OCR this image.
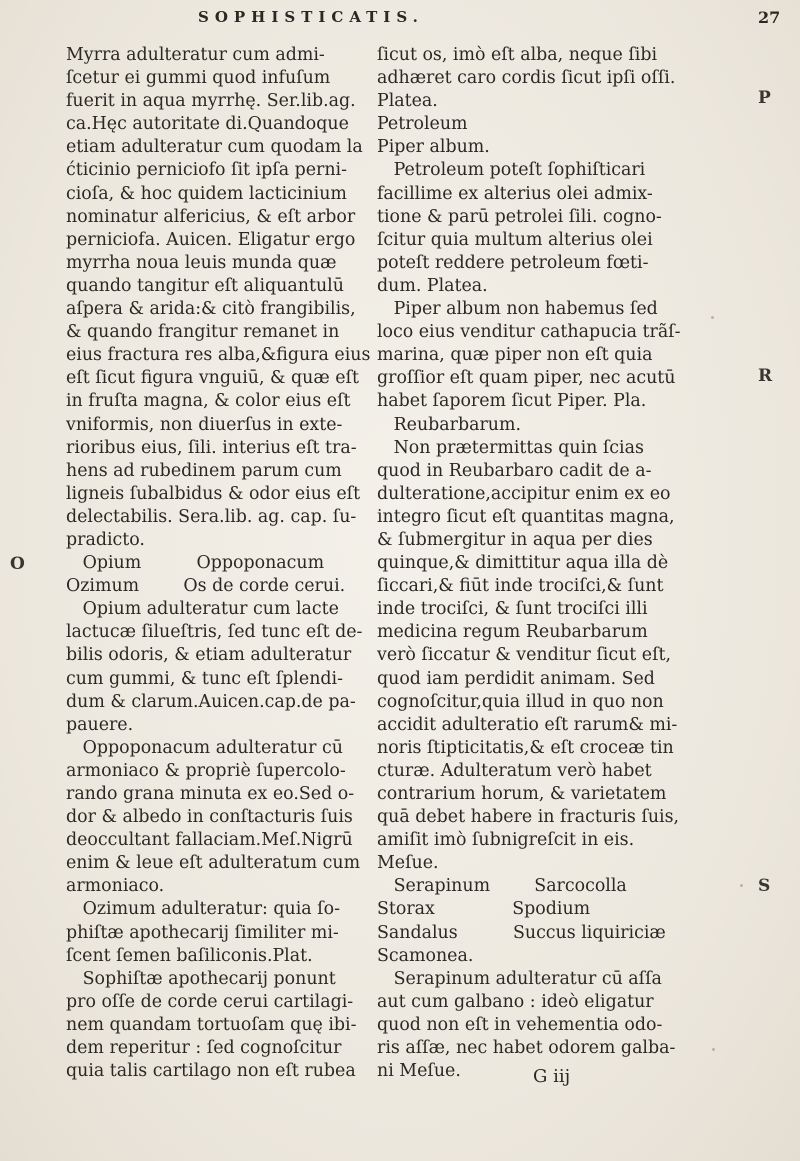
SOPHISTICATIS.	27
Myrra adulteratur cum admi-
ſcetur ei gummi quod infuſum
fuerit in aqua myrrhę. Ser.lib.ag.
ca.Hęc autoritate di.Quandoque
etiam adulteratur cum quodam la
ćticinio perniciofo ſit ipſa perni-
cioſa, & hoc quidem lacticinium
nominatur alfericius, & eſt arbor
perniciofa. Auicen. Eligatur ergo
myrrha noua leuis munda quæ
quando tangitur eſt aliquantulū
aſpera & arida:& citò frangibilis,
& quando frangitur remanet in
eius fractura res alba,&figura eius
eſt ſicut figura vnguiū, & quæ eſt
in fruſta magna, & color eius eſt
vniformis, non diuerſus in exte-
rioribus eius, ſili. interius eſt tra-
hens ad rubedinem parum cum
ligneis ſubalbidus & odor eius eſt
delectabilis. Sera.lib. ag. cap. ſu-
pradicto.
Opium          Oppoponacum
Ozimum        Os de corde cerui.
Opium adulteratur cum lacte
lactucæ ſilueſtris, ſed tunc eſt de-
bilis odoris, & etiam adulteratur
cum gummi, & tunc eſt ſplendi-
dum & clarum.Auicen.cap.de pa-
pauere.
Oppoponacum adulteratur cū
armoniaco & propriè ſupercolo-
rando grana minuta ex eo.Sed o-
dor & albedo in conſtacturis ſuis
deoccultant fallaciam.Meſ.Nigrū
enim & leue eſt adulteratum cum
armoniaco.
Ozimum adulteratur: quia ſo-
phiſtæ apothecarij ſimiliter mi-
ſcent ſemen baſiliconis.Plat.
Sophiſtæ apothecarij ponunt
pro oſſe de corde cerui cartilagi-
nem quandam tortuoſam quę ibi-
dem reperitur : ſed cognoſcitur
quia talis cartilago non eſt rubea
ſicut os, imò eſt alba, neque ſibi
adhæret caro cordis ſicut ipſi oſſi.
Platea.
Petroleum
Piper album.
Petroleum poteſt ſophiſticari
facillime ex alterius olei admix-
tione & parū petrolei ſili. cogno-
ſcitur quia multum alterius olei
poteſt reddere petroleum fœti-
dum. Platea.
Piper album non habemus ſed
loco eius venditur cathapucia trãſ-
marina, quæ piper non eſt quia
groſſior eſt quam piper, nec acutū
habet ſaporem ſicut Piper. Pla.
Reubarbarum.
Non prætermittas quin ſcias
quod in Reubarbaro cadit de a-
dulteratione,accipitur enim ex eo
integro ſicut eſt quantitas magna,
& ſubmergitur in aqua per dies
quinque,& dimittitur aqua illa dè
ſiccari,& fiūt inde trociſci,& ſunt
inde trociſci, & ſunt trociſci illi
medicina regum Reubarbarum
verò ſiccatur & venditur ſicut eſt,
quod iam perdidit animam. Sed
cognoſcitur,quia illud in quo non
accidit adulteratio eſt rarum& mi-
noris ſtipticitatis,& eſt croceæ tin
cturæ. Adulteratum verò habet
contrarium horum, & varietatem
quā debet habere in fracturis ſuis,
amiſit imò ſubnigreſcit in eis.
Meſue.
Serapinum        Sarcocolla
Storax              Spodium
Sandalus          Succus liquiriciæ
Scamonea.
Serapinum adulteratur cū aſſa
aut cum galbano : ideò eligatur
quod non eſt in vehementia odo-
ris aſſæ, nec habet odorem galba-
ni Meſue.
O
P
R
S
G iij
